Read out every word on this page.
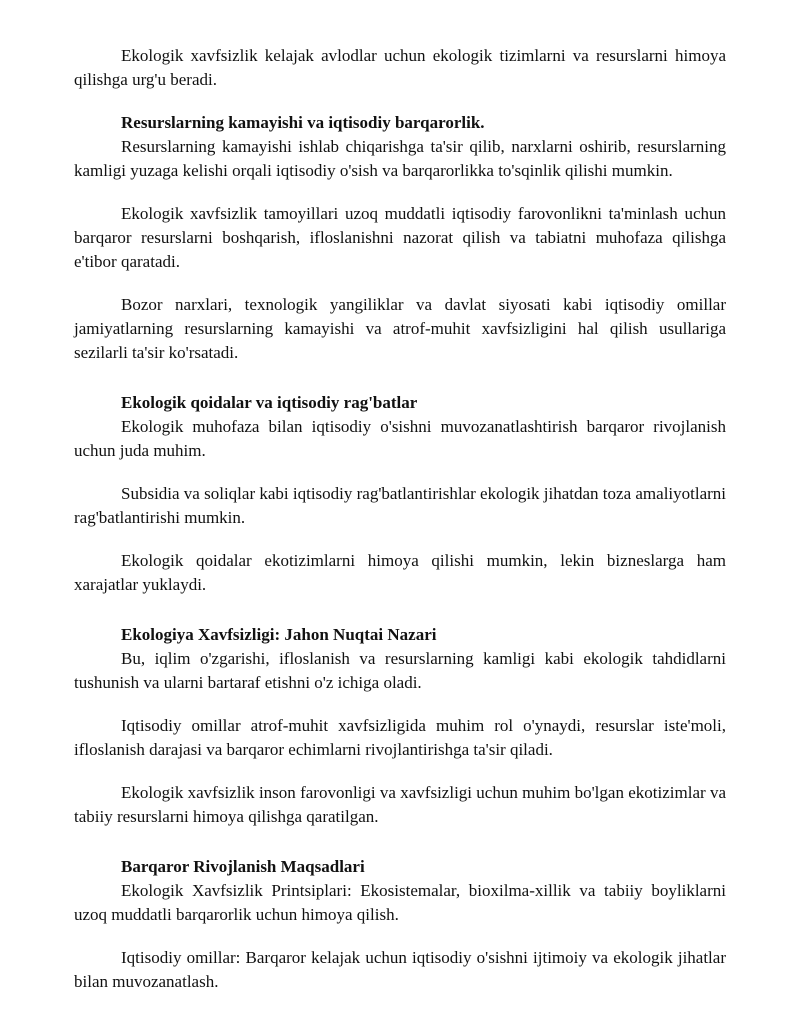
Ekologik xavfsizlik kelajak avlodlar uchun ekologik tizimlarni va resurslarni himoya qilishga urg'u beradi.

Resurslarning kamayishi va iqtisodiy barqarorlik.

Resurslarning kamayishi ishlab chiqarishga ta'sir qilib, narxlarni oshirib, resurslarning kamligi yuzaga kelishi orqali iqtisodiy o'sish va barqarorlikka to'sqinlik qilishi mumkin.

Ekologik xavfsizlik tamoyillari uzoq muddatli iqtisodiy farovonlikni ta'minlash uchun barqaror resurslarni boshqarish, ifloslanishni nazorat qilish va tabiatni muhofaza qilishga e'tibor qaratadi.

Bozor narxlari, texnologik yangiliklar va davlat siyosati kabi iqtisodiy omillar jamiyatlarning resurslarning kamayishi va atrof-muhit xavfsizligini hal qilish usullariga sezilarli ta'sir ko'rsatadi.

Ekologik qoidalar va iqtisodiy rag'batlar

Ekologik muhofaza bilan iqtisodiy o'sishni muvozanatlashtirish barqaror rivojlanish uchun juda muhim.

Subsidia va soliqlar kabi iqtisodiy rag'batlantirishlar ekologik jihatdan toza amaliyotlarni rag'batlantirishi mumkin.

Ekologik qoidalar ekotizimlarni himoya qilishi mumkin, lekin bizneslarga ham xarajatlar yuklaydi.

Ekologiya Xavfsizligi: Jahon Nuqtai Nazari

Bu, iqlim o'zgarishi, ifloslanish va resurslarning kamligi kabi ekologik tahdidlarni tushunish va ularni bartaraf etishni o'z ichiga oladi.

Iqtisodiy omillar atrof-muhit xavfsizligida muhim rol o'ynaydi, resurslar iste'moli, ifloslanish darajasi va barqaror echimlarni rivojlantirishga ta'sir qiladi.

Ekologik xavfsizlik inson farovonligi va xavfsizligi uchun muhim bo'lgan ekotizimlar va tabiiy resurslarni himoya qilishga qaratilgan.

Barqaror Rivojlanish Maqsadlari

Ekologik Xavfsizlik Printsiplari: Ekosistemalar, bioxilma-xillik va tabiiy boyliklarni uzoq muddatli barqarorlik uchun himoya qilish.

Iqtisodiy omillar: Barqaror kelajak uchun iqtisodiy o'sishni ijtimoiy va ekologik jihatlar bilan muvozanatlash.
